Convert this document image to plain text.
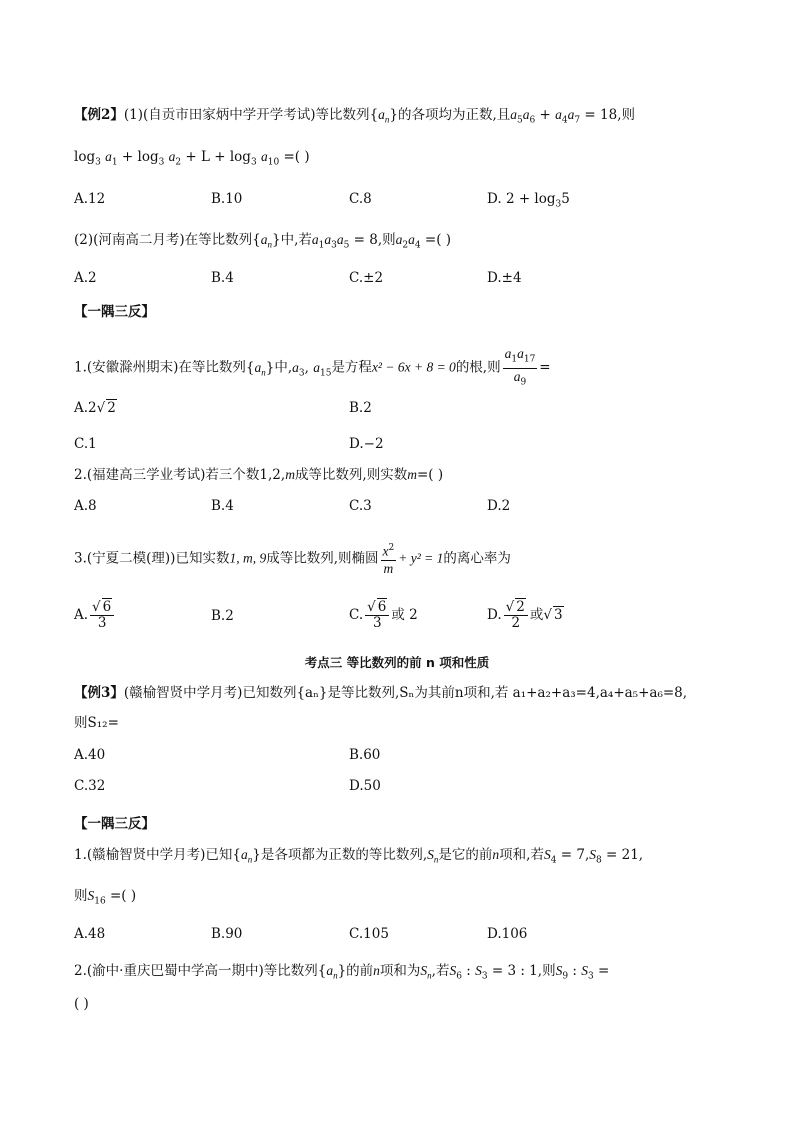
【例2】(1)(自贡市田家炳中学开学考试)等比数列$\{a_n\}$的各项均为正数,且$a_5a_6 + a_4a_7 = 18$,则
$\log_3 a_1 + \log_3 a_2 + L + \log_3 a_{10}$ =( )
A.12	B.10	C.8	D. $2 + \log_35$
(2)(河南高二月考)在等比数列$\{a_n\}$中,若$a_1a_3a_5 = 8$,则$a_2a_4$ =( )
A.2	B.4	C.±2	D.±4
【一隅三反】
1.(安徽滁州期末)在等比数列$\{a_n\}$中$,a_3$, $a_{15}$是方程x² − 6x + 8 = 0的根,则 $\frac{a_1a_{17}}{a_9}$ =
A.2√ 2	B.2
C.1	D.−2
2.(福建高三学业考试)若三个数1,2,m成等比数列,则实数m=( )
A.8	B.4	C.3	D.2
3.(宁夏二模(理))已知实数1, m, 9成等比数列,则椭圆 $\frac{x^2}{m} + y^2 = 1$的离心率为
A. $\frac{√ 6}{3}$	B.2	C. $\frac{√ 6}{3}$ 或 2	D. $\frac{√ 2}{2}$ 或√ 3
考点三 等比数列的前 n 项和性质
【例3】(赣榆智贤中学月考)已知数列{aₙ}是等比数列,Sₙ为其前n项和,若 a₁+a₂+a₃=4,a₄+a₅+a₆=8,
则S₁₂=
A.40	B.60
C.32	D.50
【一隅三反】
1.(赣榆智贤中学月考)已知$\{a_n\}$是各项都为正数的等比数列$,S_n$是它的前n项和,若$S_4 = 7,S_8 = 21$,
则$S_{16}$ =( )
A.48	B.90	C.105	D.106
2.(渝中·重庆巴蜀中学高一期中)等比数列$\{a_n\}$的前n项和为$S_n$,若$S_6$ : $S_3 = 3$ : 1,则$S_9$ : $S_3$ =
( )
